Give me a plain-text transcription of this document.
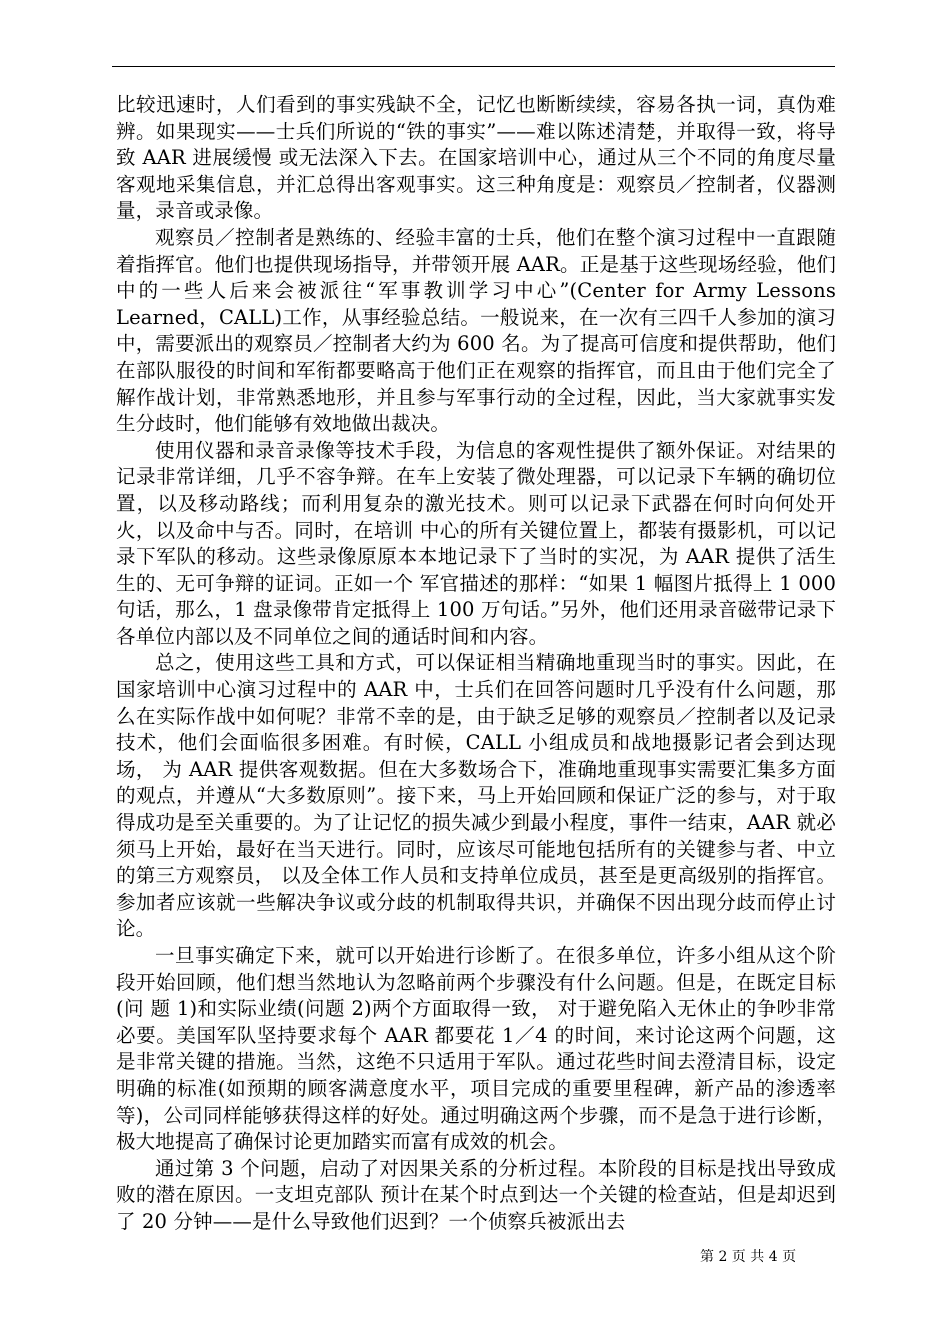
比较迅速时，人们看到的事实残缺不全，记忆也断断续续，容易各执一词，真伪难辨。如果现实——士兵们所说的“铁的事实”——难以陈述清楚，并取得一致，将导致 AAR 进展缓慢 或无法深入下去。在国家培训中心，通过从三个不同的角度尽量客观地采集信息，并汇总得出客观事实。这三种角度是：观察员／控制者，仪器测量，录音或录像。

观察员／控制者是熟练的、经验丰富的士兵，他们在整个演习过程中一直跟随着指挥官。他们也提供现场指导，并带领开展 AAR。正是基于这些现场经验，他们中的一些人后来会被派往“军事教训学习中心”(Center for Army Lessons Learned，CALL)工作，从事经验总结。一般说来，在一次有三四千人参加的演习中，需要派出的观察员／控制者大约为 600 名。为了提高可信度和提供帮助，他们在部队服役的时间和军衔都要略高于他们正在观察的指挥官，而且由于他们完全了解作战计划，非常熟悉地形，并且参与军事行动的全过程，因此，当大家就事实发生分歧时，他们能够有效地做出裁决。

使用仪器和录音录像等技术手段，为信息的客观性提供了额外保证。对结果的记录非常详细，几乎不容争辩。在车上安装了微处理器，可以记录下车辆的确切位置，以及移动路线；而利用复杂的激光技术。则可以记录下武器在何时向何处开火，以及命中与否。同时，在培训 中心的所有关键位置上，都装有摄影机，可以记录下军队的移动。这些录像原原本本地记录下了当时的实况，为 AAR 提供了活生生的、无可争辩的证词。正如一个 军官描述的那样：“如果 1 幅图片抵得上 1 000 句话，那么，1 盘录像带肯定抵得上 100 万句话。”另外，他们还用录音磁带记录下各单位内部以及不同单位之间的通话时间和内容。

总之，使用这些工具和方式，可以保证相当精确地重现当时的事实。因此，在国家培训中心演习过程中的 AAR 中，士兵们在回答问题时几乎没有什么问题，那么在实际作战中如何呢？非常不幸的是，由于缺乏足够的观察员／控制者以及记录技术，他们会面临很多困难。有时候，CALL 小组成员和战地摄影记者会到达现场， 为 AAR 提供客观数据。但在大多数场合下，准确地重现事实需要汇集多方面的观点，并遵从“大多数原则”。接下来，马上开始回顾和保证广泛的参与，对于取得成功是至关重要的。为了让记忆的损失减少到最小程度，事件一结束，AAR 就必须马上开始，最好在当天进行。同时，应该尽可能地包括所有的关键参与者、中立 的第三方观察员， 以及全体工作人员和支持单位成员，甚至是更高级别的指挥官。参加者应该就一些解决争议或分歧的机制取得共识，并确保不因出现分歧而停止讨论。

一旦事实确定下来，就可以开始进行诊断了。在很多单位，许多小组从这个阶段开始回顾，他们想当然地认为忽略前两个步骤没有什么问题。但是，在既定目标(问 题 1)和实际业绩(问题 2)两个方面取得一致， 对于避免陷入无休止的争吵非常必要。美国军队坚持要求每个 AAR 都要花 1／4 的时间，来讨论这两个问题，这 是非常关键的措施。当然，这绝不只适用于军队。通过花些时间去澄清目标，设定明确的标准(如预期的顾客满意度水平，项目完成的重要里程碑，新产品的渗透率等)，公司同样能够获得这样的好处。通过明确这两个步骤，而不是急于进行诊断，极大地提高了确保讨论更加踏实而富有成效的机会。

通过第 3 个问题，启动了对因果关系的分析过程。本阶段的目标是找出导致成败的潜在原因。一支坦克部队 预计在某个时点到达一个关键的检查站，但是却迟到了 20 分钟——是什么导致他们迟到？一个侦察兵被派出去

第 2 页 共 4 页
